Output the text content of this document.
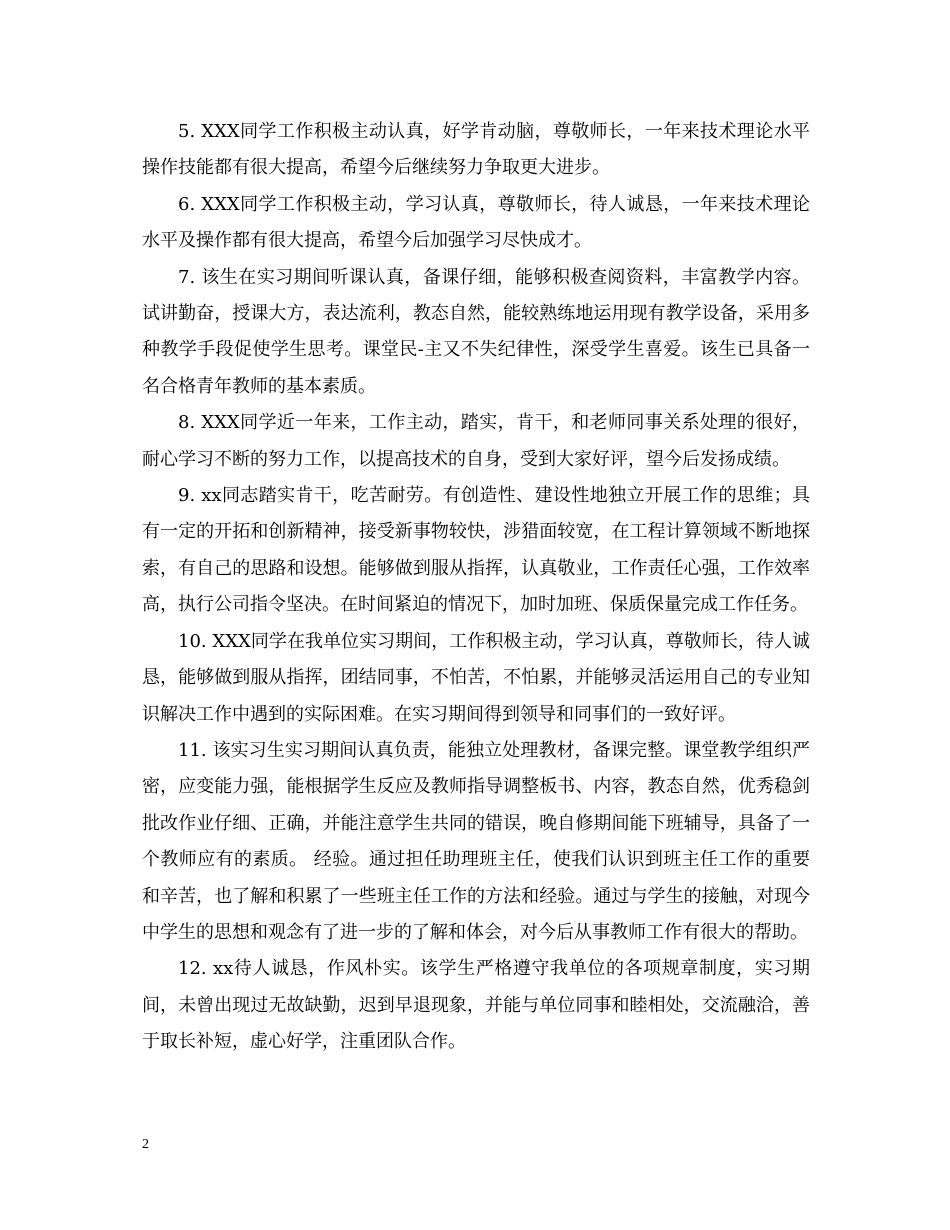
5. XXX同学工作积极主动认真，好学肯动脑，尊敬师长，一年来技术理论水平操作技能都有很大提高，希望今后继续努力争取更大进步。

6. XXX同学工作积极主动，学习认真，尊敬师长，待人诚恳，一年来技术理论水平及操作都有很大提高，希望今后加强学习尽快成才。

7. 该生在实习期间听课认真，备课仔细，能够积极查阅资料，丰富教学内容。试讲勤奋，授课大方，表达流利，教态自然，能较熟练地运用现有教学设备，采用多种教学手段促使学生思考。课堂民-主又不失纪律性，深受学生喜爱。该生已具备一名合格青年教师的基本素质。

8. XXX同学近一年来，工作主动，踏实，肯干，和老师同事关系处理的很好，耐心学习不断的努力工作，以提高技术的自身，受到大家好评，望今后发扬成绩。

9. xx同志踏实肯干，吃苦耐劳。有创造性、建设性地独立开展工作的思维；具有一定的开拓和创新精神，接受新事物较快，涉猎面较宽，在工程计算领域不断地探索，有自己的思路和设想。能够做到服从指挥，认真敬业，工作责任心强，工作效率高，执行公司指令坚决。在时间紧迫的情况下，加时加班、保质保量完成工作任务。

10. XXX同学在我单位实习期间，工作积极主动，学习认真，尊敬师长，待人诚恳，能够做到服从指挥，团结同事，不怕苦，不怕累，并能够灵活运用自己的专业知识解决工作中遇到的实际困难。在实习期间得到领导和同事们的一致好评。

11. 该实习生实习期间认真负责，能独立处理教材，备课完整。课堂教学组织严密，应变能力强，能根据学生反应及教师指导调整板书、内容，教态自然，优秀稳剑批改作业仔细、正确，并能注意学生共同的错误，晚自修期间能下班辅导，具备了一个教师应有的素质。 经验。通过担任助理班主任，使我们认识到班主任工作的重要和辛苦，也了解和积累了一些班主任工作的方法和经验。通过与学生的接触，对现今中学生的思想和观念有了进一步的了解和体会，对今后从事教师工作有很大的帮助。

12. xx待人诚恳，作风朴实。该学生严格遵守我单位的各项规章制度，实习期间，未曾出现过无故缺勤，迟到早退现象，并能与单位同事和睦相处，交流融洽，善于取长补短，虚心好学，注重团队合作。

2
